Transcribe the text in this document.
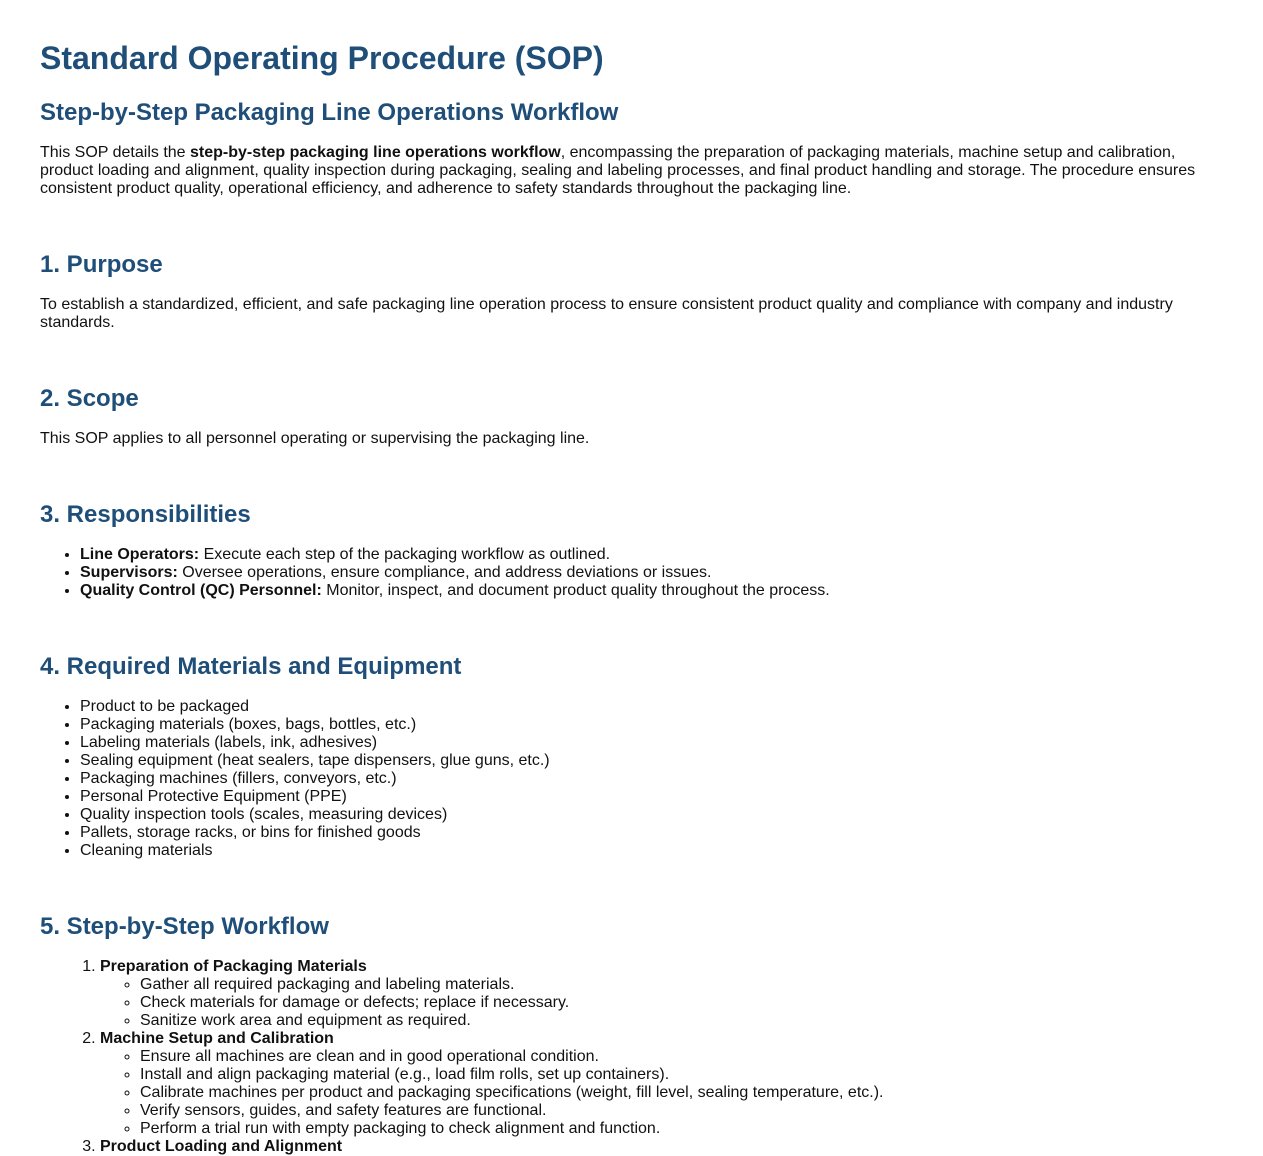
Standard Operating Procedure (SOP)
Step-by-Step Packaging Line Operations Workflow

This SOP details the step-by-step packaging line operations workflow, encompassing the preparation of packaging materials, machine setup and calibration, product loading and alignment, quality inspection during packaging, sealing and labeling processes, and final product handling and storage. The procedure ensures consistent product quality, operational efficiency, and adherence to safety standards throughout the packaging line.

1. Purpose

To establish a standardized, efficient, and safe packaging line operation process to ensure consistent product quality and compliance with company and industry standards.

2. Scope

This SOP applies to all personnel operating or supervising the packaging line.

3. Responsibilities
• Line Operators: Execute each step of the packaging workflow as outlined.
• Supervisors: Oversee operations, ensure compliance, and address deviations or issues.
• Quality Control (QC) Personnel: Monitor, inspect, and document product quality throughout the process.
4. Required Materials and Equipment
• Product to be packaged
• Packaging materials (boxes, bags, bottles, etc.)
• Labeling materials (labels, ink, adhesives)
• Sealing equipment (heat sealers, tape dispensers, glue guns, etc.)
• Packaging machines (fillers, conveyors, etc.)
• Personal Protective Equipment (PPE)
• Quality inspection tools (scales, measuring devices)
• Pallets, storage racks, or bins for finished goods
• Cleaning materials
5. Step-by-Step Workflow
1. Preparation of Packaging Materials
◦ Gather all required packaging and labeling materials.
◦ Check materials for damage or defects; replace if necessary.
◦ Sanitize work area and equipment as required.
2. Machine Setup and Calibration
◦ Ensure all machines are clean and in good operational condition.
◦ Install and align packaging material (e.g., load film rolls, set up containers).
◦ Calibrate machines per product and packaging specifications (weight, fill level, sealing temperature, etc.).
◦ Verify sensors, guides, and safety features are functional.
◦ Perform a trial run with empty packaging to check alignment and function.
3. Product Loading and Alignment
